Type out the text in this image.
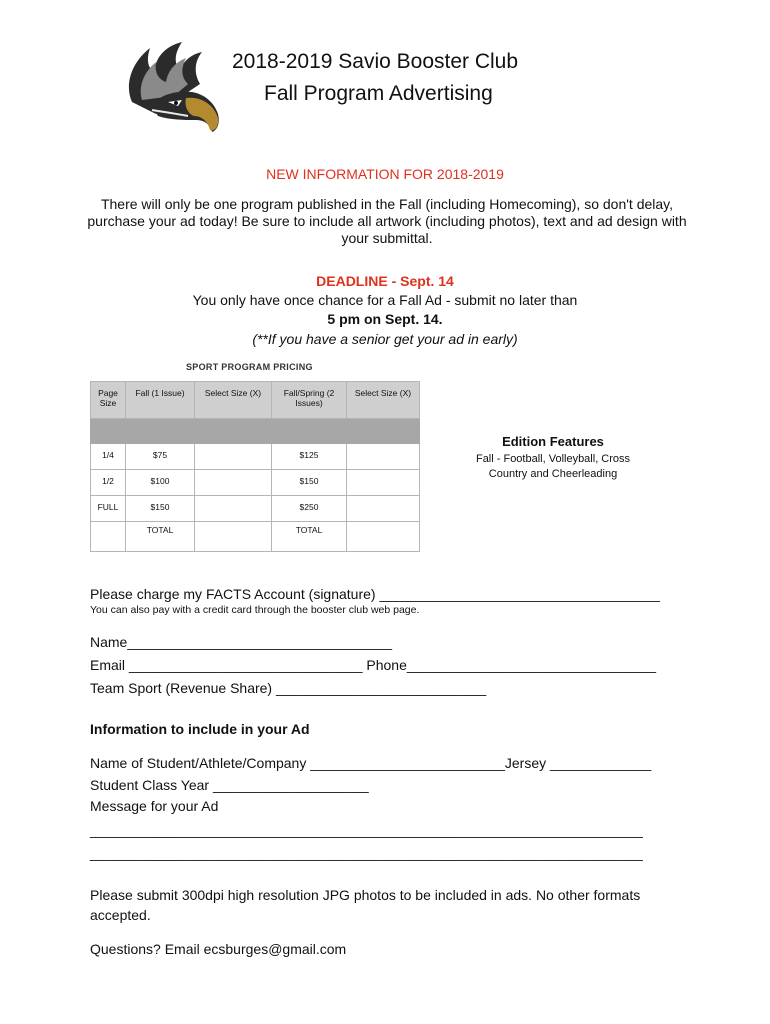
2018-2019 Savio Booster Club
Fall Program Advertising
NEW INFORMATION FOR 2018-2019
There will only be one program published in the Fall (including Homecoming), so don't delay, purchase your ad today! Be sure to include all artwork (including photos), text and ad design with your submittal.
DEADLINE - Sept. 14
You only have once chance for a Fall Ad - submit no later than
5 pm on Sept. 14.
(**If you have a senior get your ad in early)
SPORT PROGRAM PRICING
Page Size	Fall (1 Issue)	Select Size (X)	Fall/Spring (2 Issues)	Select Size (X)

1/4	$75		$125	
1/2	$100		$150	
FULL	$150		$250	
	TOTAL		TOTAL	
Edition Features
Fall - Football, Volleyball, Cross Country and Cheerleading
Please charge my FACTS Account (signature) ____________________________________
You can also pay with a credit card through the booster club web page.
Name__________________________________
Email ______________________________ Phone________________________________
Team Sport (Revenue Share) ___________________________
Information to include in your Ad
Name of Student/Athlete/Company _________________________Jersey _____________
Student Class Year ____________________
Message for your Ad
_______________________________________________________________________
_______________________________________________________________________
Please submit 300dpi high resolution JPG photos to be included in ads. No other formats accepted.
Questions? Email ecsburges@gmail.com
